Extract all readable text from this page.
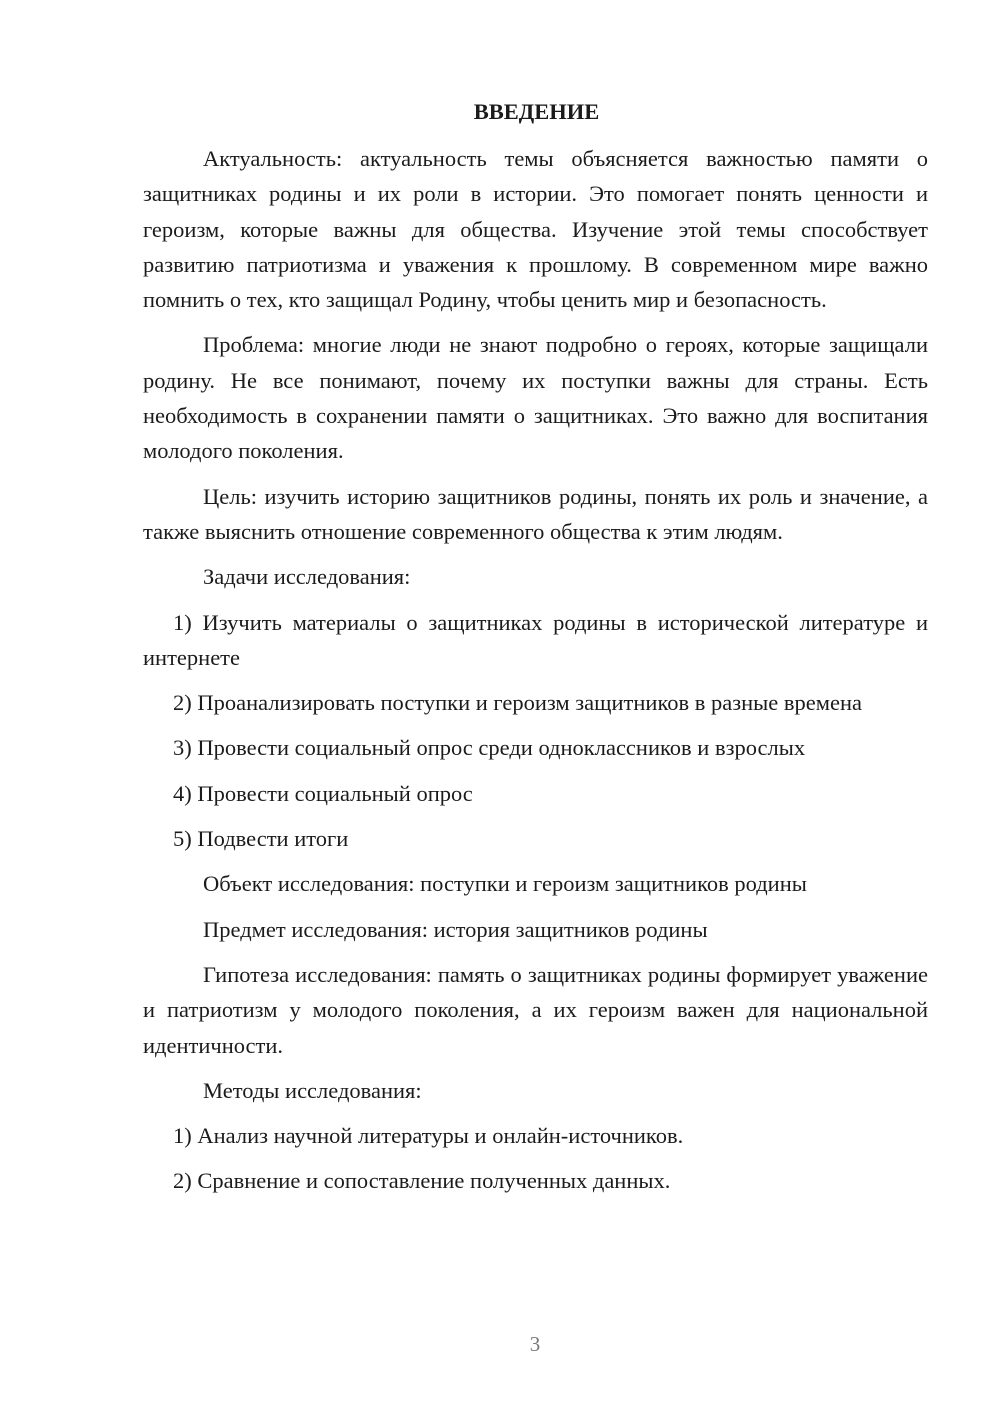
ВВЕДЕНИЕ

Актуальность: актуальность темы объясняется важностью памяти о защитниках родины и их роли в истории. Это помогает понять ценности и героизм, которые важны для общества. Изучение этой темы способствует развитию патриотизма и уважения к прошлому. В современном мире важно помнить о тех, кто защищал Родину, чтобы ценить мир и безопасность.

Проблема: многие люди не знают подробно о героях, которые защищали родину. Не все понимают, почему их поступки важны для страны. Есть необходимость в сохранении памяти о защитниках. Это важно для воспитания молодого поколения.

Цель: изучить историю защитников родины, понять их роль и значение, а также выяснить отношение современного общества к этим людям.

Задачи исследования:

1) Изучить материалы о защитниках родины в исторической литературе и интернете

2) Проанализировать поступки и героизм защитников в разные времена

3) Провести социальный опрос среди одноклассников и взрослых

4) Провести социальный опрос

5) Подвести итоги

Объект исследования: поступки и героизм защитников родины

Предмет исследования: история защитников родины

Гипотеза исследования: память о защитниках родины формирует уважение и патриотизм у молодого поколения, а их героизм важен для национальной идентичности.

Методы исследования:

1) Анализ научной литературы и онлайн-источников.

2) Сравнение и сопоставление полученных данных.

3
